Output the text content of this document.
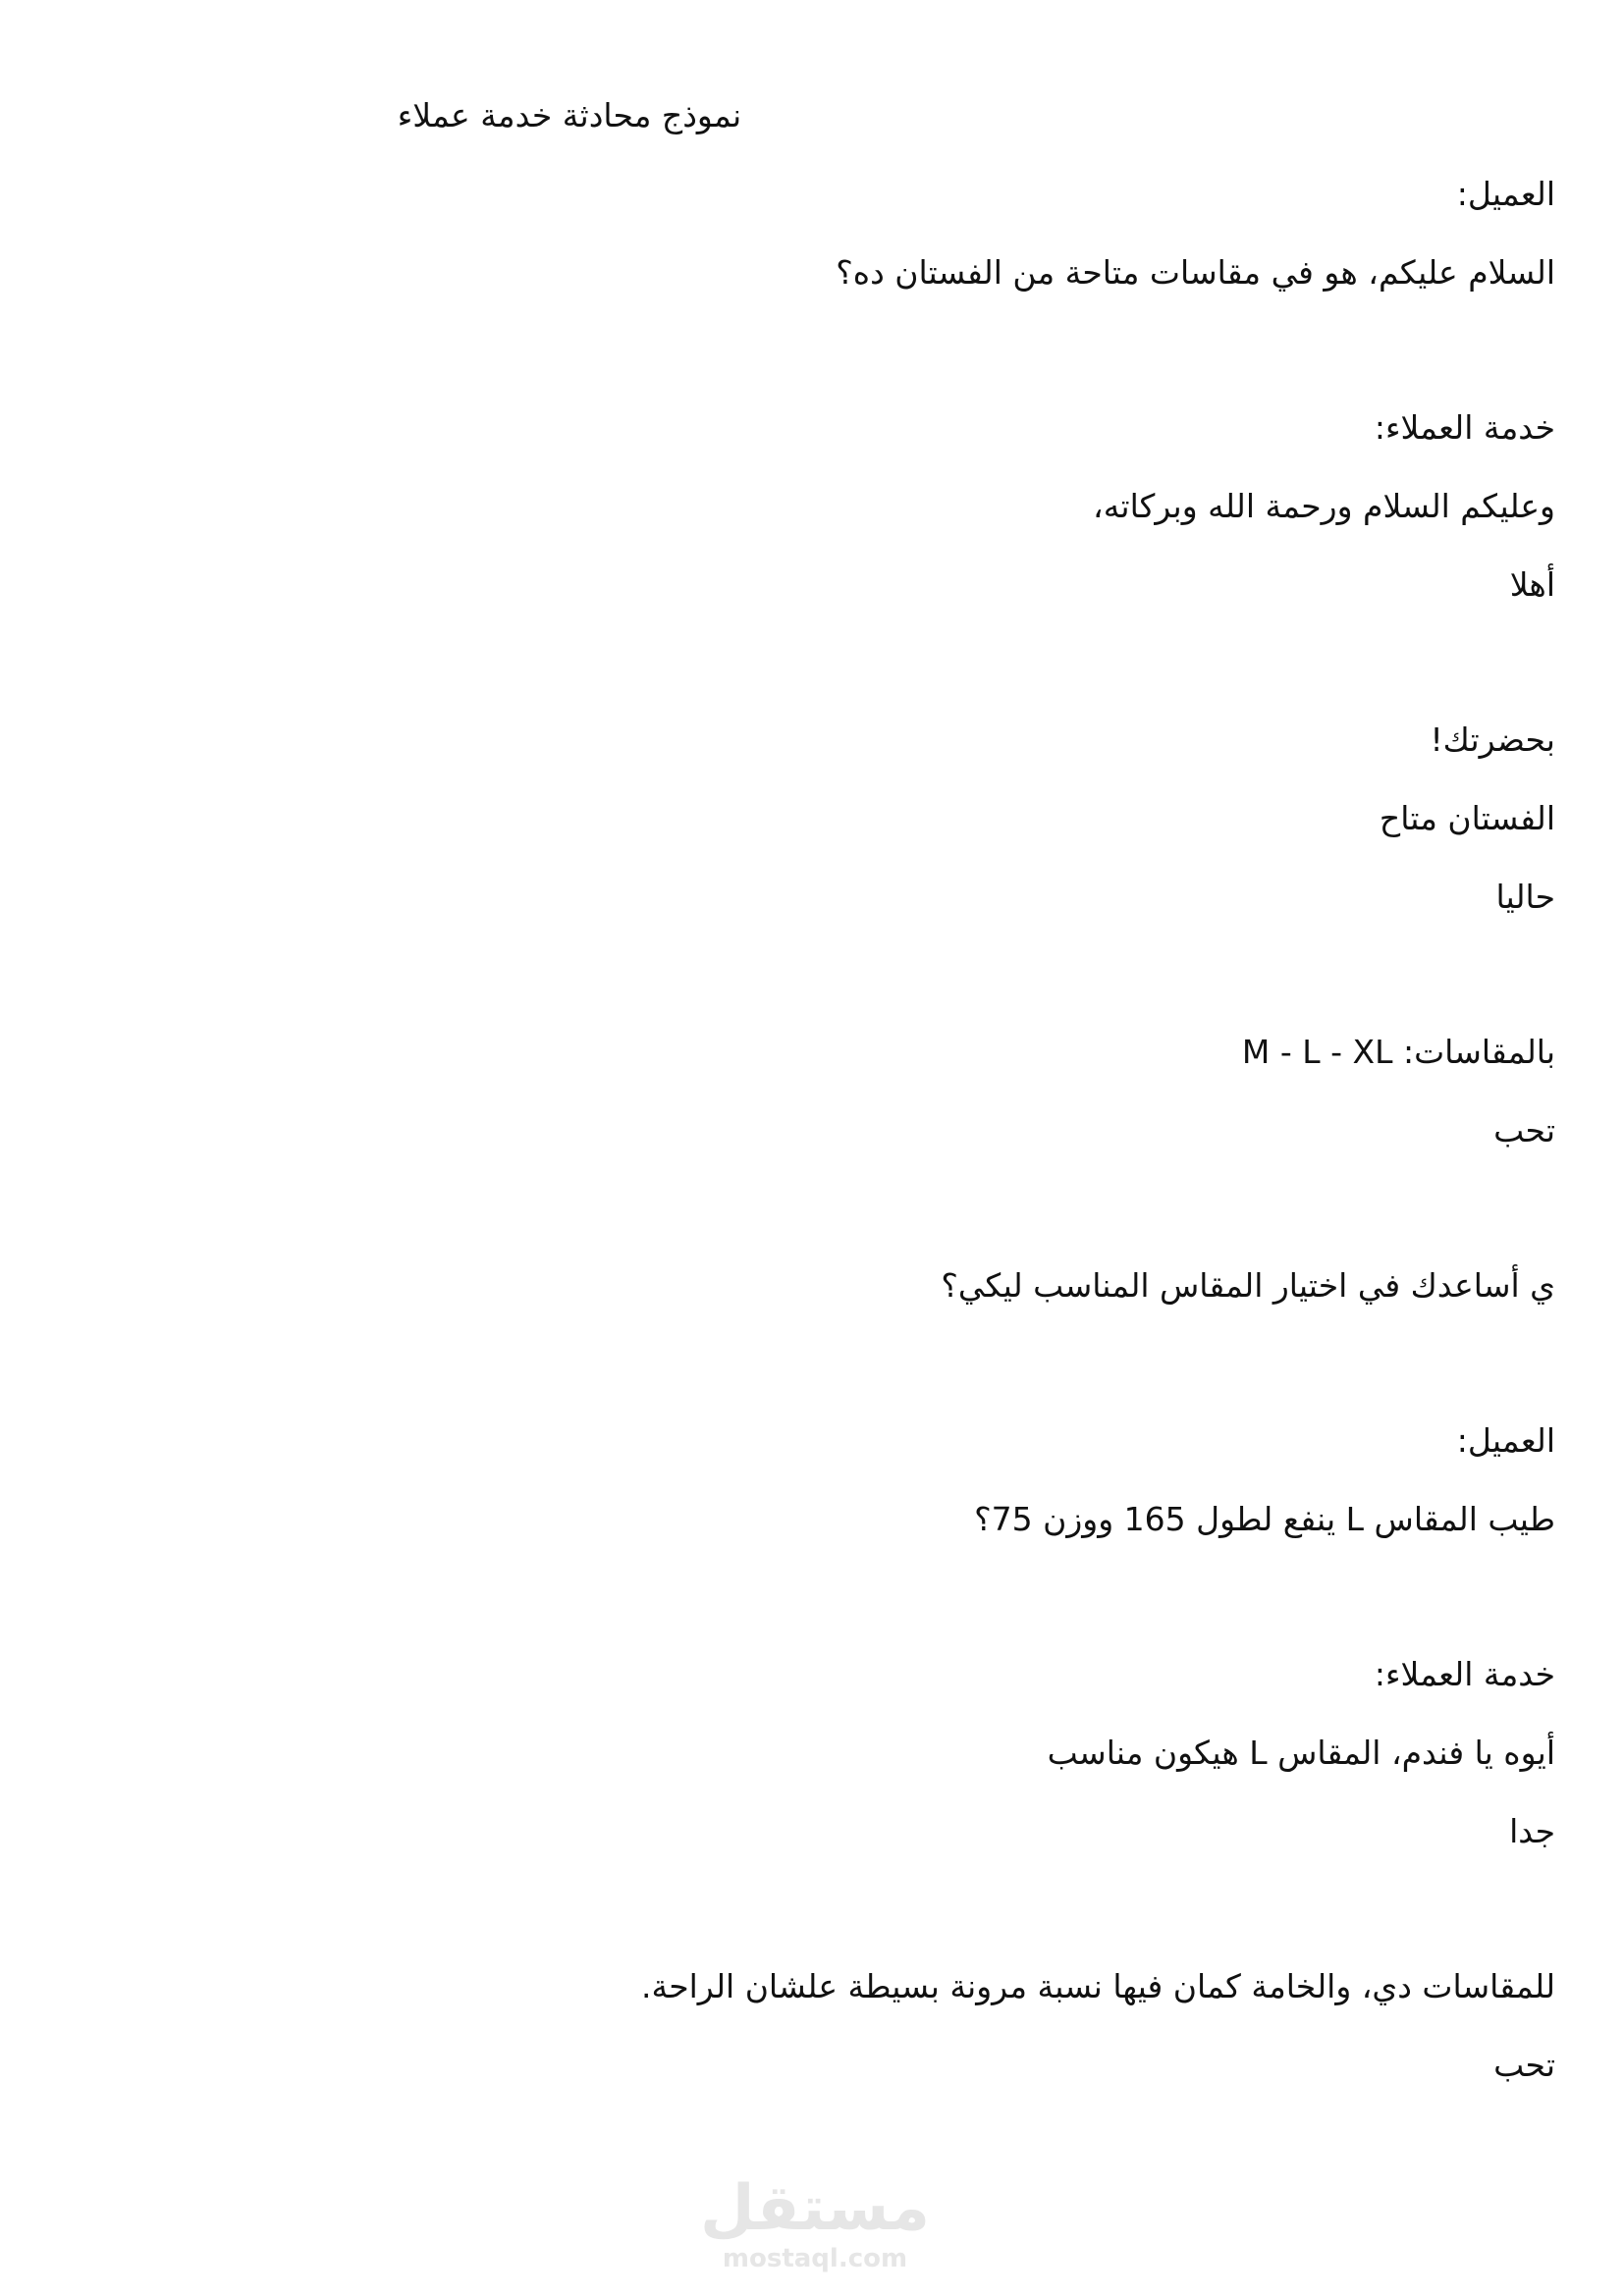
نموذج محادثة خدمة عملاء
العميل:
السلام عليكم، هو في مقاسات متاحة من الفستان ده؟
خدمة العملاء:
وعليكم السلام ورحمة الله وبركاته،
أهلا
بحضرتك!
الفستان متاح
حاليا
بالمقاسات: M - L - XL
تحب
ي أساعدك في اختيار المقاس المناسب ليكي؟
العميل:
طيب المقاس L ينفع لطول 165 ووزن 75؟
خدمة العملاء:
أيوه يا فندم، المقاس L هيكون مناسب
جدا
للمقاسات دي، والخامة كمان فيها نسبة مرونة بسيطة علشان الراحة.
تحب
مستقل
mostaql.com
